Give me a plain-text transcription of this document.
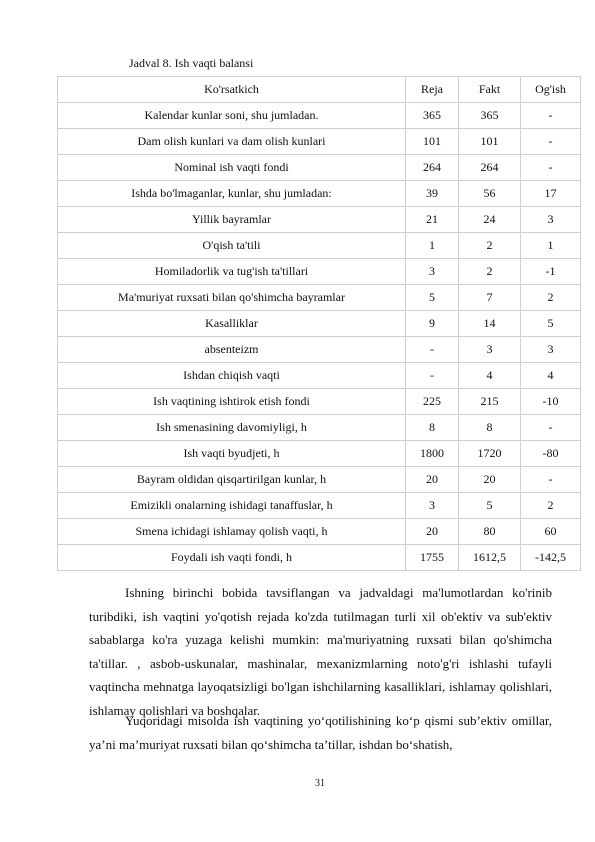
Jadval 8. Ish vaqti balansi
Ko'rsatkich	Reja	Fakt	Og'ish
Kalendar kunlar soni, shu jumladan.	365	365	-
Dam olish kunlari va dam olish kunlari	101	101	-
Nominal ish vaqti fondi	264	264	-
Ishda bo'lmaganlar, kunlar, shu jumladan:	39	56	17
Yillik bayramlar	21	24	3
O'qish ta'tili	1	2	1
Homiladorlik va tug'ish ta'tillari	3	2	-1
Ma'muriyat ruxsati bilan qo'shimcha bayramlar	5	7	2
Kasalliklar	9	14	5
absenteizm	-	3	3
Ishdan chiqish vaqti	-	4	4
Ish vaqtining ishtirok etish fondi	225	215	-10
Ish smenasining davomiyligi, h	8	8	-
Ish vaqti byudjeti, h	1800	1720	-80
Bayram oldidan qisqartirilgan kunlar, h	20	20	-
Emizikli onalarning ishidagi tanaffuslar, h	3	5	2
Smena ichidagi ishlamay qolish vaqti, h	20	80	60
Foydali ish vaqti fondi, h	1755	1612,5	-142,5

Ishning birinchi bobida tavsiflangan va jadvaldagi ma'lumotlardan ko'rinib turibdiki, ish vaqtini yo'qotish rejada ko'zda tutilmagan turli xil ob'ektiv va sub'ektiv sabablarga ko'ra yuzaga kelishi mumkin: ma'muriyatning ruxsati bilan qo'shimcha ta'tillar. , asbob-uskunalar, mashinalar, mexanizmlarning noto'g'ri ishlashi tufayli vaqtincha mehnatga layoqatsizligi bo'lgan ishchilarning kasalliklari, ishlamay qolishlari, ishlamay qolishlari va boshqalar.

Yuqoridagi misolda ish vaqtining yo‘qotilishining ko‘p qismi sub’ektiv omillar, ya’ni ma’muriyat ruxsati bilan qo‘shimcha ta’tillar, ishdan bo‘shatish,

31
